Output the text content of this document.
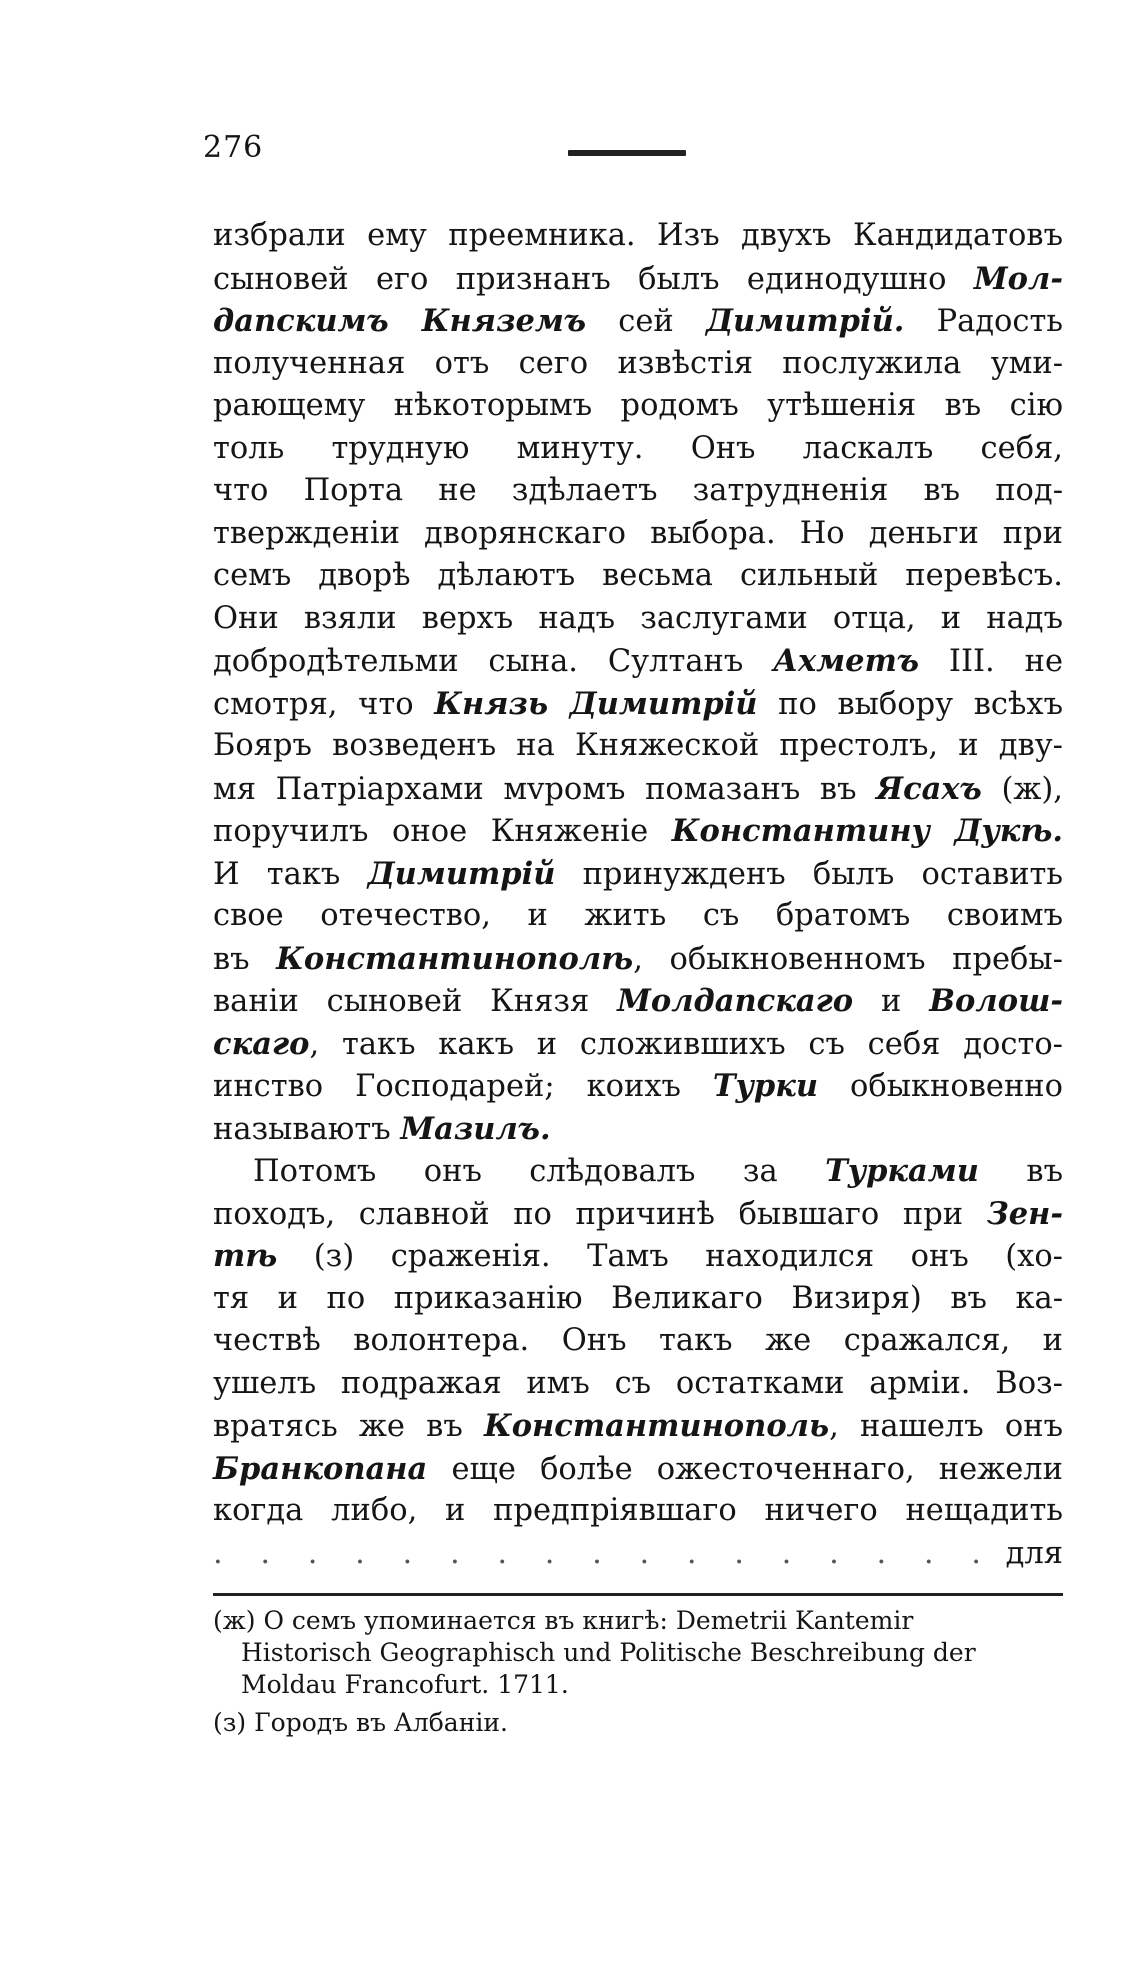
276
избрали ему преемника. Изъ двухъ Кандидатовъ
сыновей его признанъ былъ единодушно Мол-
даnскимъ Княземъ сей Димитрій. Радость
полученная отъ сего извѣстія послужила уми-
рающему нѣкоторымъ родомъ утѣшенія въ сію
толь трудную минуту. Онъ ласкалъ себя,
что Порта не здѣлаетъ затрудненія въ под-
твержденіи дворянскаго выбора. Но деньги при
семъ дворѣ дѣлаютъ весьма сильный перевѣсъ.
Они взяли верхъ надъ заслугами отца, и надъ
добродѣтельми сына. Султанъ Ахметъ III. не
смотря, что Князь Димитрій по выбору всѣхъ
Бояръ возведенъ на Княжеской престолъ, и дву-
мя Патріархами мvромъ помазанъ въ Ясахъ (ж),
поручилъ оное Княженіе Константину Дукѣ.
И такъ Димитрій принужденъ былъ оставить
свое отечество, и жить съ братомъ своимъ
въ Константинополѣ, обыкновенномъ пребы-
ваніи сыновей Князя Молдаnскаго и Волош-
скаго, такъ какъ и сложившихъ съ себя досто-
инство Господарей; коихъ Турки обыкновенно
называютъ Мазилъ.
Потомъ онъ слѣдовалъ за Турками въ
походъ, славной по причинѣ бывшаго при Зен-
тѣ (з) сраженія. Тамъ находился онъ (хо-
тя и по приказанію Великаго Визиря) въ ка-
чествѣ волонтера. Онъ такъ же сражался, и
ушелъ подражая имъ съ остатками арміи. Воз-
вратясь же въ Константинополь, нашелъ онъ
Бранкоnана еще болѣе ожесточеннаго, нежели
когда либо, и предпріявшаго ничего нещадить
. . . . . . . . . . . . . . . . . для
(ж) О семъ упоминается въ книгѣ: Demetrii Kantemir
Historisch Geographisch und Politische Beschreibung der
Moldau Francofurt. 1711.
(з) Городъ въ Албаніи.
